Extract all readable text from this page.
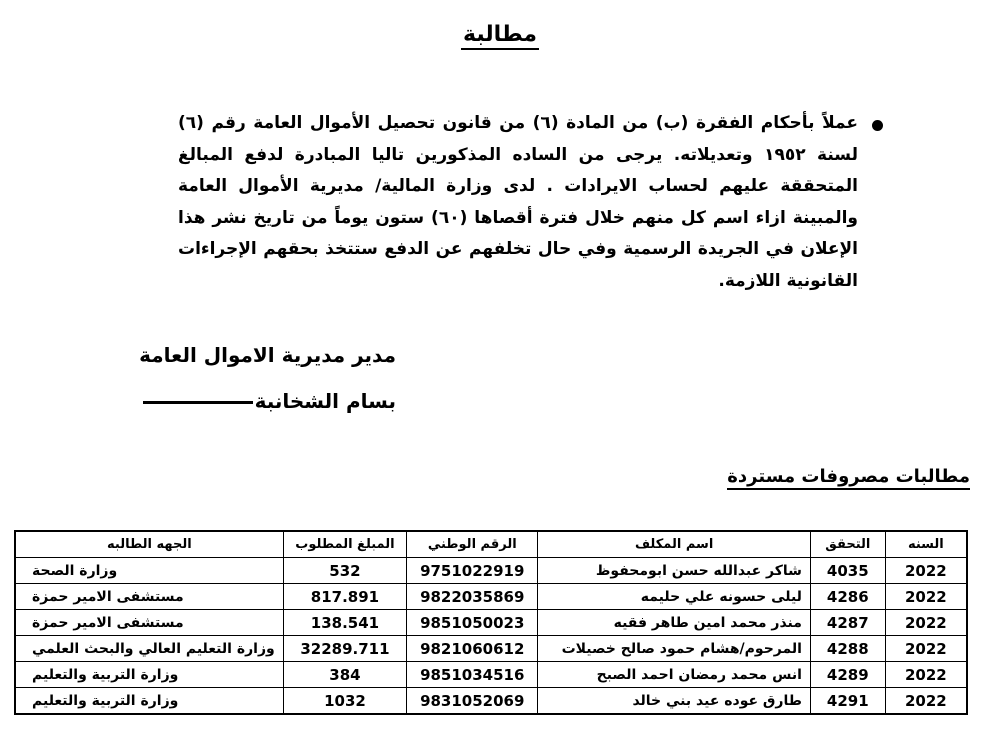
مطالبة
عملاً بأحكام الفقرة (ب) من المادة (٦) من قانون تحصيل الأموال العامة رقم (٦) لسنة ١٩٥٢ وتعديلاته. يرجى من الساده المذكورين تاليا المبادرة لدفع المبالغ المتحققة عليهم لحساب الايرادات . لدى وزارة المالية/ مديرية الأموال العامة والمبينة ازاء اسم كل منهم خلال فترة أقصاها (٦٠) ستون يوماً من تاريخ نشر هذا الإعلان في الجريدة الرسمية وفي حال تخلفهم عن الدفع ستتخذ بحقهم الإجراءات القانونية اللازمة.
مدير مديرية الاموال العامة
بسام الشخانبة
مطالبات مصروفات مستردة
السنه	التحقق	اسم المكلف	الرقم الوطني	المبلغ المطلوب	الجهه الطالبه
2022	4035	شاكر عبدالله حسن ابومحفوظ	9751022919	532	وزارة الصحة
2022	4286	ليلى حسونه علي حليمه	9822035869	817.891	مستشفى الامير حمزة
2022	4287	منذر محمد امين طاهر فقيه	9851050023	138.541	مستشفى الامير حمزة
2022	4288	المرحوم/هشام حمود صالح خصيلات	9821060612	32289.711	وزارة التعليم العالي والبحث العلمي
2022	4289	انس محمد رمضان احمد الصبح	9851034516	384	وزارة التربية والتعليم
2022	4291	طارق عوده عيد بني خالد	9831052069	1032	وزارة التربية والتعليم
